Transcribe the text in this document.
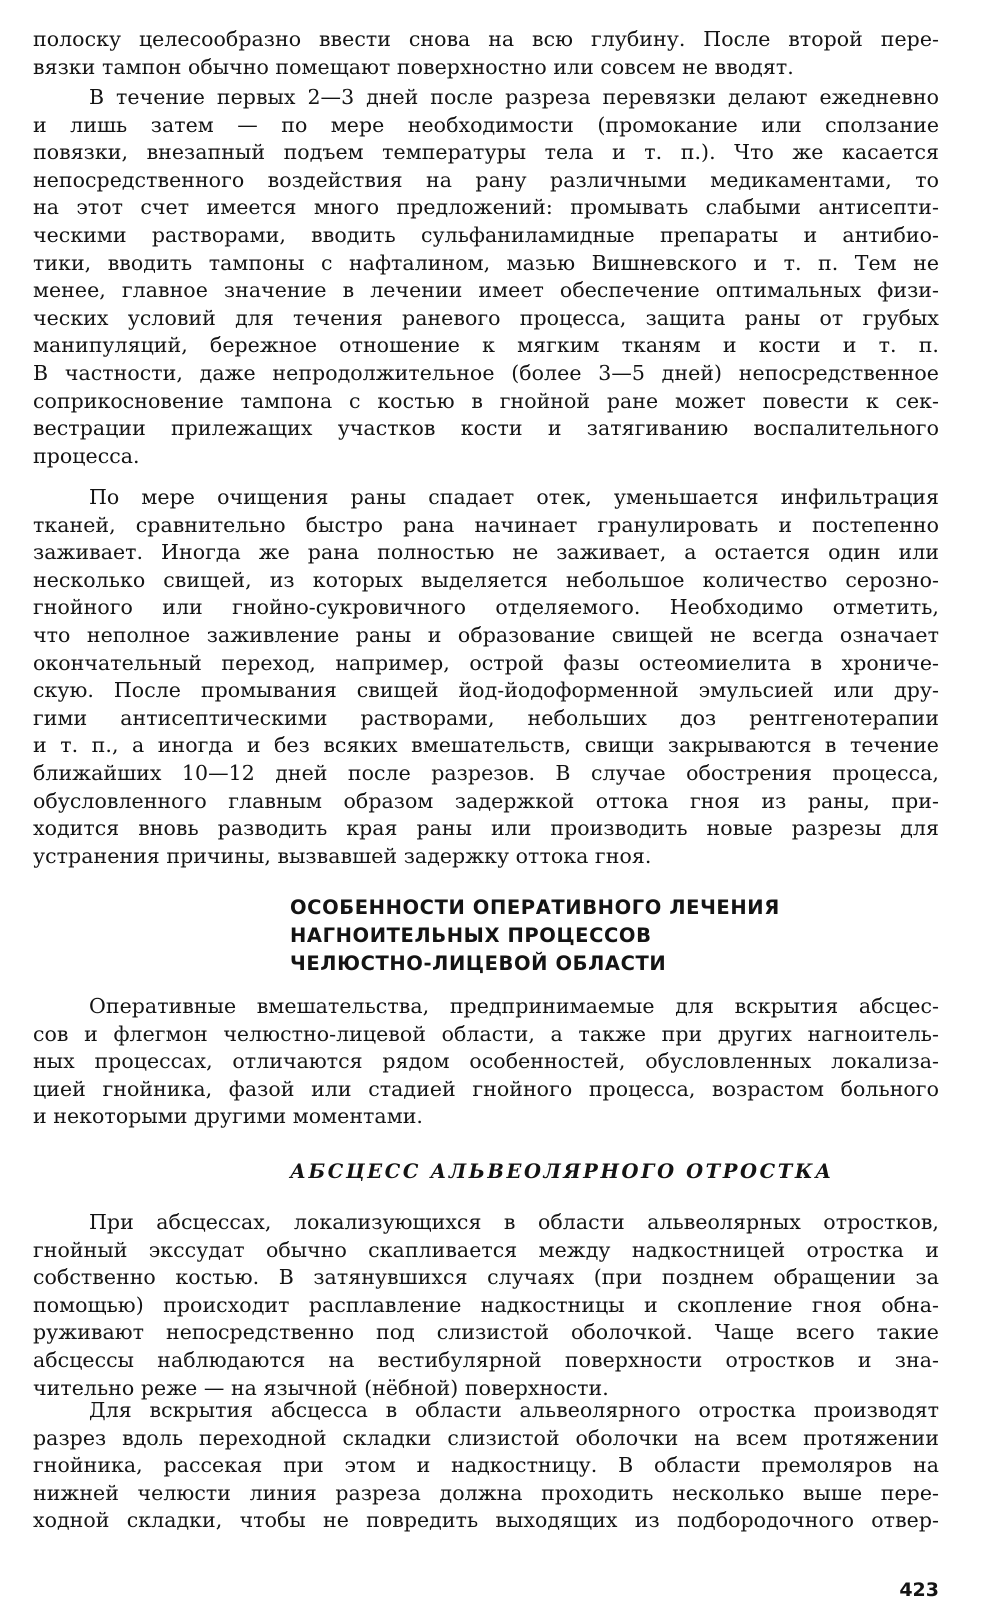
полоску целесообразно ввести снова на всю глубину. После второй пере-
вязки тампон обычно помещают поверхностно или совсем не вводят.

В течение первых 2—3 дней после разреза перевязки делают ежедневно
и лишь затем — по мере необходимости (промокание или сползание
повязки, внезапный подъем температуры тела и т. п.). Что же касается
непосредственного воздействия на рану различными медикаментами, то
на этот счет имеется много предложений: промывать слабыми антисепти-
ческими растворами, вводить сульфаниламидные препараты и антибио-
тики, вводить тампоны с нафталином, мазью Вишневского и т. п. Тем не
менее, главное значение в лечении имеет обеспечение оптимальных физи-
ческих условий для течения раневого процесса, защита раны от грубых
манипуляций, бережное отношение к мягким тканям и кости и т. п.
В частности, даже непродолжительное (более 3—5 дней) непосредственное
соприкосновение тампона с костью в гнойной ране может повести к сек-
вестрации прилежащих участков кости и затягиванию воспалительного
процесса.

По мере очищения раны спадает отек, уменьшается инфильтрация
тканей, сравнительно быстро рана начинает гранулировать и постепенно
заживает. Иногда же рана полностью не заживает, а остается один или
несколько свищей, из которых выделяется небольшое количество серозно-
гнойного или гнойно-сукровичного отделяемого. Необходимо отметить,
что неполное заживление раны и образование свищей не всегда означает
окончательный переход, например, острой фазы остеомиелита в хрониче-
скую. После промывания свищей йод-йодоформенной эмульсией или дру-
гими антисептическими растворами, небольших доз рентгенотерапии
и т. п., а иногда и без всяких вмешательств, свищи закрываются в течение
ближайших 10—12 дней после разрезов. В случае обострения процесса,
обусловленного главным образом задержкой оттока гноя из раны, при-
ходится вновь разводить края раны или производить новые разрезы для
устранения причины, вызвавшей задержку оттока гноя.

ОСОБЕННОСТИ ОПЕРАТИВНОГО ЛЕЧЕНИЯ
НАГНОИТЕЛЬНЫХ ПРОЦЕССОВ
ЧЕЛЮСТНО-ЛИЦЕВОЙ ОБЛАСТИ

Оперативные вмешательства, предпринимаемые для вскрытия абсцес-
сов и флегмон челюстно-лицевой области, а также при других нагноитель-
ных процессах, отличаются рядом особенностей, обусловленных локализа-
цией гнойника, фазой или стадией гнойного процесса, возрастом больного
и некоторыми другими моментами.

АБСЦЕСС АЛЬВЕОЛЯРНОГО ОТРОСТКА

При абсцессах, локализующихся в области альвеолярных отростков,
гнойный экссудат обычно скапливается между надкостницей отростка и
собственно костью. В затянувшихся случаях (при позднем обращении за
помощью) происходит расплавление надкостницы и скопление гноя обна-
руживают непосредственно под слизистой оболочкой. Чаще всего такие
абсцессы наблюдаются на вестибулярной поверхности отростков и зна-
чительно реже — на язычной (нёбной) поверхности.

Для вскрытия абсцесса в области альвеолярного отростка производят
разрез вдоль переходной складки слизистой оболочки на всем протяжении
гнойника, рассекая при этом и надкостницу. В области премоляров на
нижней челюсти линия разреза должна проходить несколько выше пере-
ходной складки, чтобы не повредить выходящих из подбородочного отвер-

423
